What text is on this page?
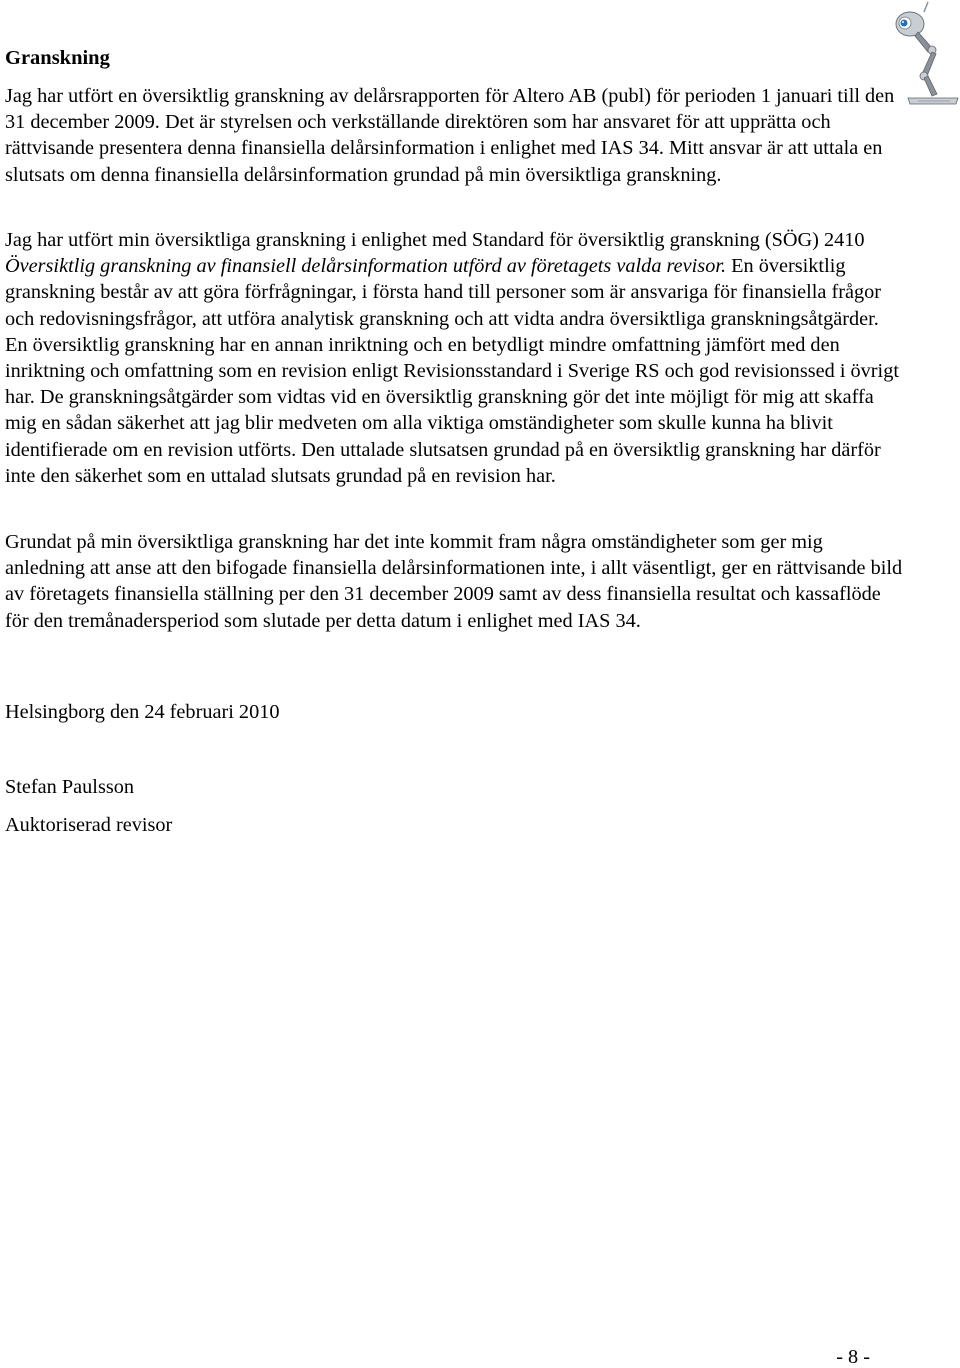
Granskning

Jag har utfört en översiktlig granskning av delårsrapporten för Altero AB (publ) för perioden 1 januari till den 31 december 2009. Det är styrelsen och verkställande direktören som har ansvaret för att upprätta och rättvisande presentera denna finansiella delårsinformation i enlighet med IAS 34. Mitt ansvar är att uttala en slutsats om denna finansiella delårsinformation grundad på min översiktliga granskning.

Jag har utfört min översiktliga granskning i enlighet med Standard för översiktlig granskning (SÖG) 2410 Översiktlig granskning av finansiell delårsinformation utförd av företagets valda revisor. En översiktlig granskning består av att göra förfrågningar, i första hand till personer som är ansvariga för finansiella frågor och redovisningsfrågor, att utföra analytisk granskning och att vidta andra översiktliga granskningsåtgärder. En översiktlig granskning har en annan inriktning och en betydligt mindre omfattning jämfört med den inriktning och omfattning som en revision enligt Revisionsstandard i Sverige RS och god revisionssed i övrigt har. De granskningsåtgärder som vidtas vid en översiktlig granskning gör det inte möjligt för mig att skaffa mig en sådan säkerhet att jag blir medveten om alla viktiga omständigheter som skulle kunna ha blivit identifierade om en revision utförts. Den uttalade slutsatsen grundad på en översiktlig granskning har därför inte den säkerhet som en uttalad slutsats grundad på en revision har.

Grundat på min översiktliga granskning har det inte kommit fram några omständigheter som ger mig anledning att anse att den bifogade finansiella delårsinformationen inte, i allt väsentligt, ger en rättvisande bild av företagets finansiella ställning per den 31 december 2009 samt av dess finansiella resultat och kassaflöde för den tremånadersperiod som slutade per detta datum i enlighet med IAS 34.

Helsingborg den 24 februari 2010

Stefan Paulsson

Auktoriserad revisor

- 8 -
